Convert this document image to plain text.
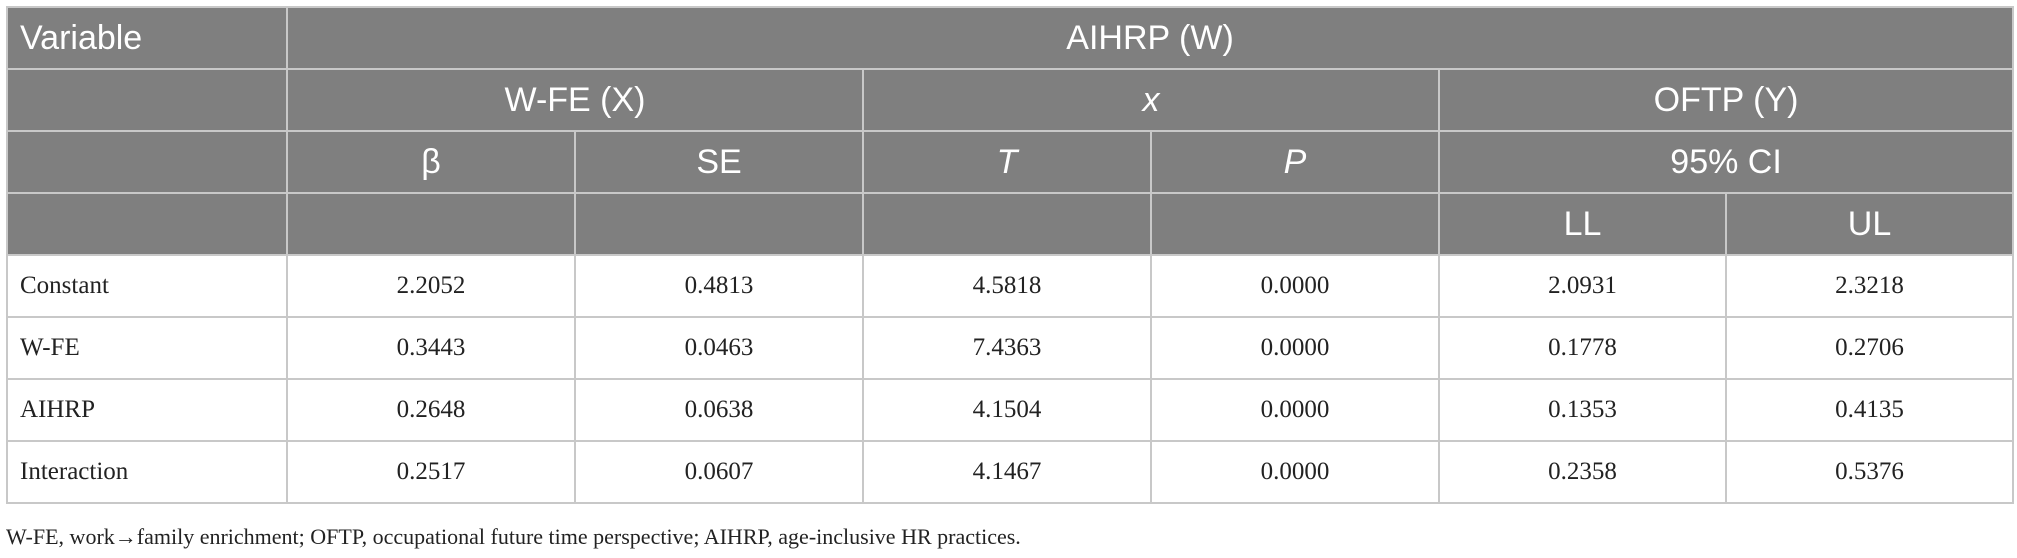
Variable	AIHRP (W)					
	W-FE (X)		x		OFTP (Y)	
	β	SE	T	P	95% CI	
					LL	UL
Constant	2.2052	0.4813	4.5818	0.0000	2.0931	2.3218
W-FE	0.3443	0.0463	7.4363	0.0000	0.1778	0.2706
AIHRP	0.2648	0.0638	4.1504	0.0000	0.1353	0.4135
Interaction	0.2517	0.0607	4.1467	0.0000	0.2358	0.5376
W-FE, work→family enrichment; OFTP, occupational future time perspective; AIHRP, age-inclusive HR practices.
